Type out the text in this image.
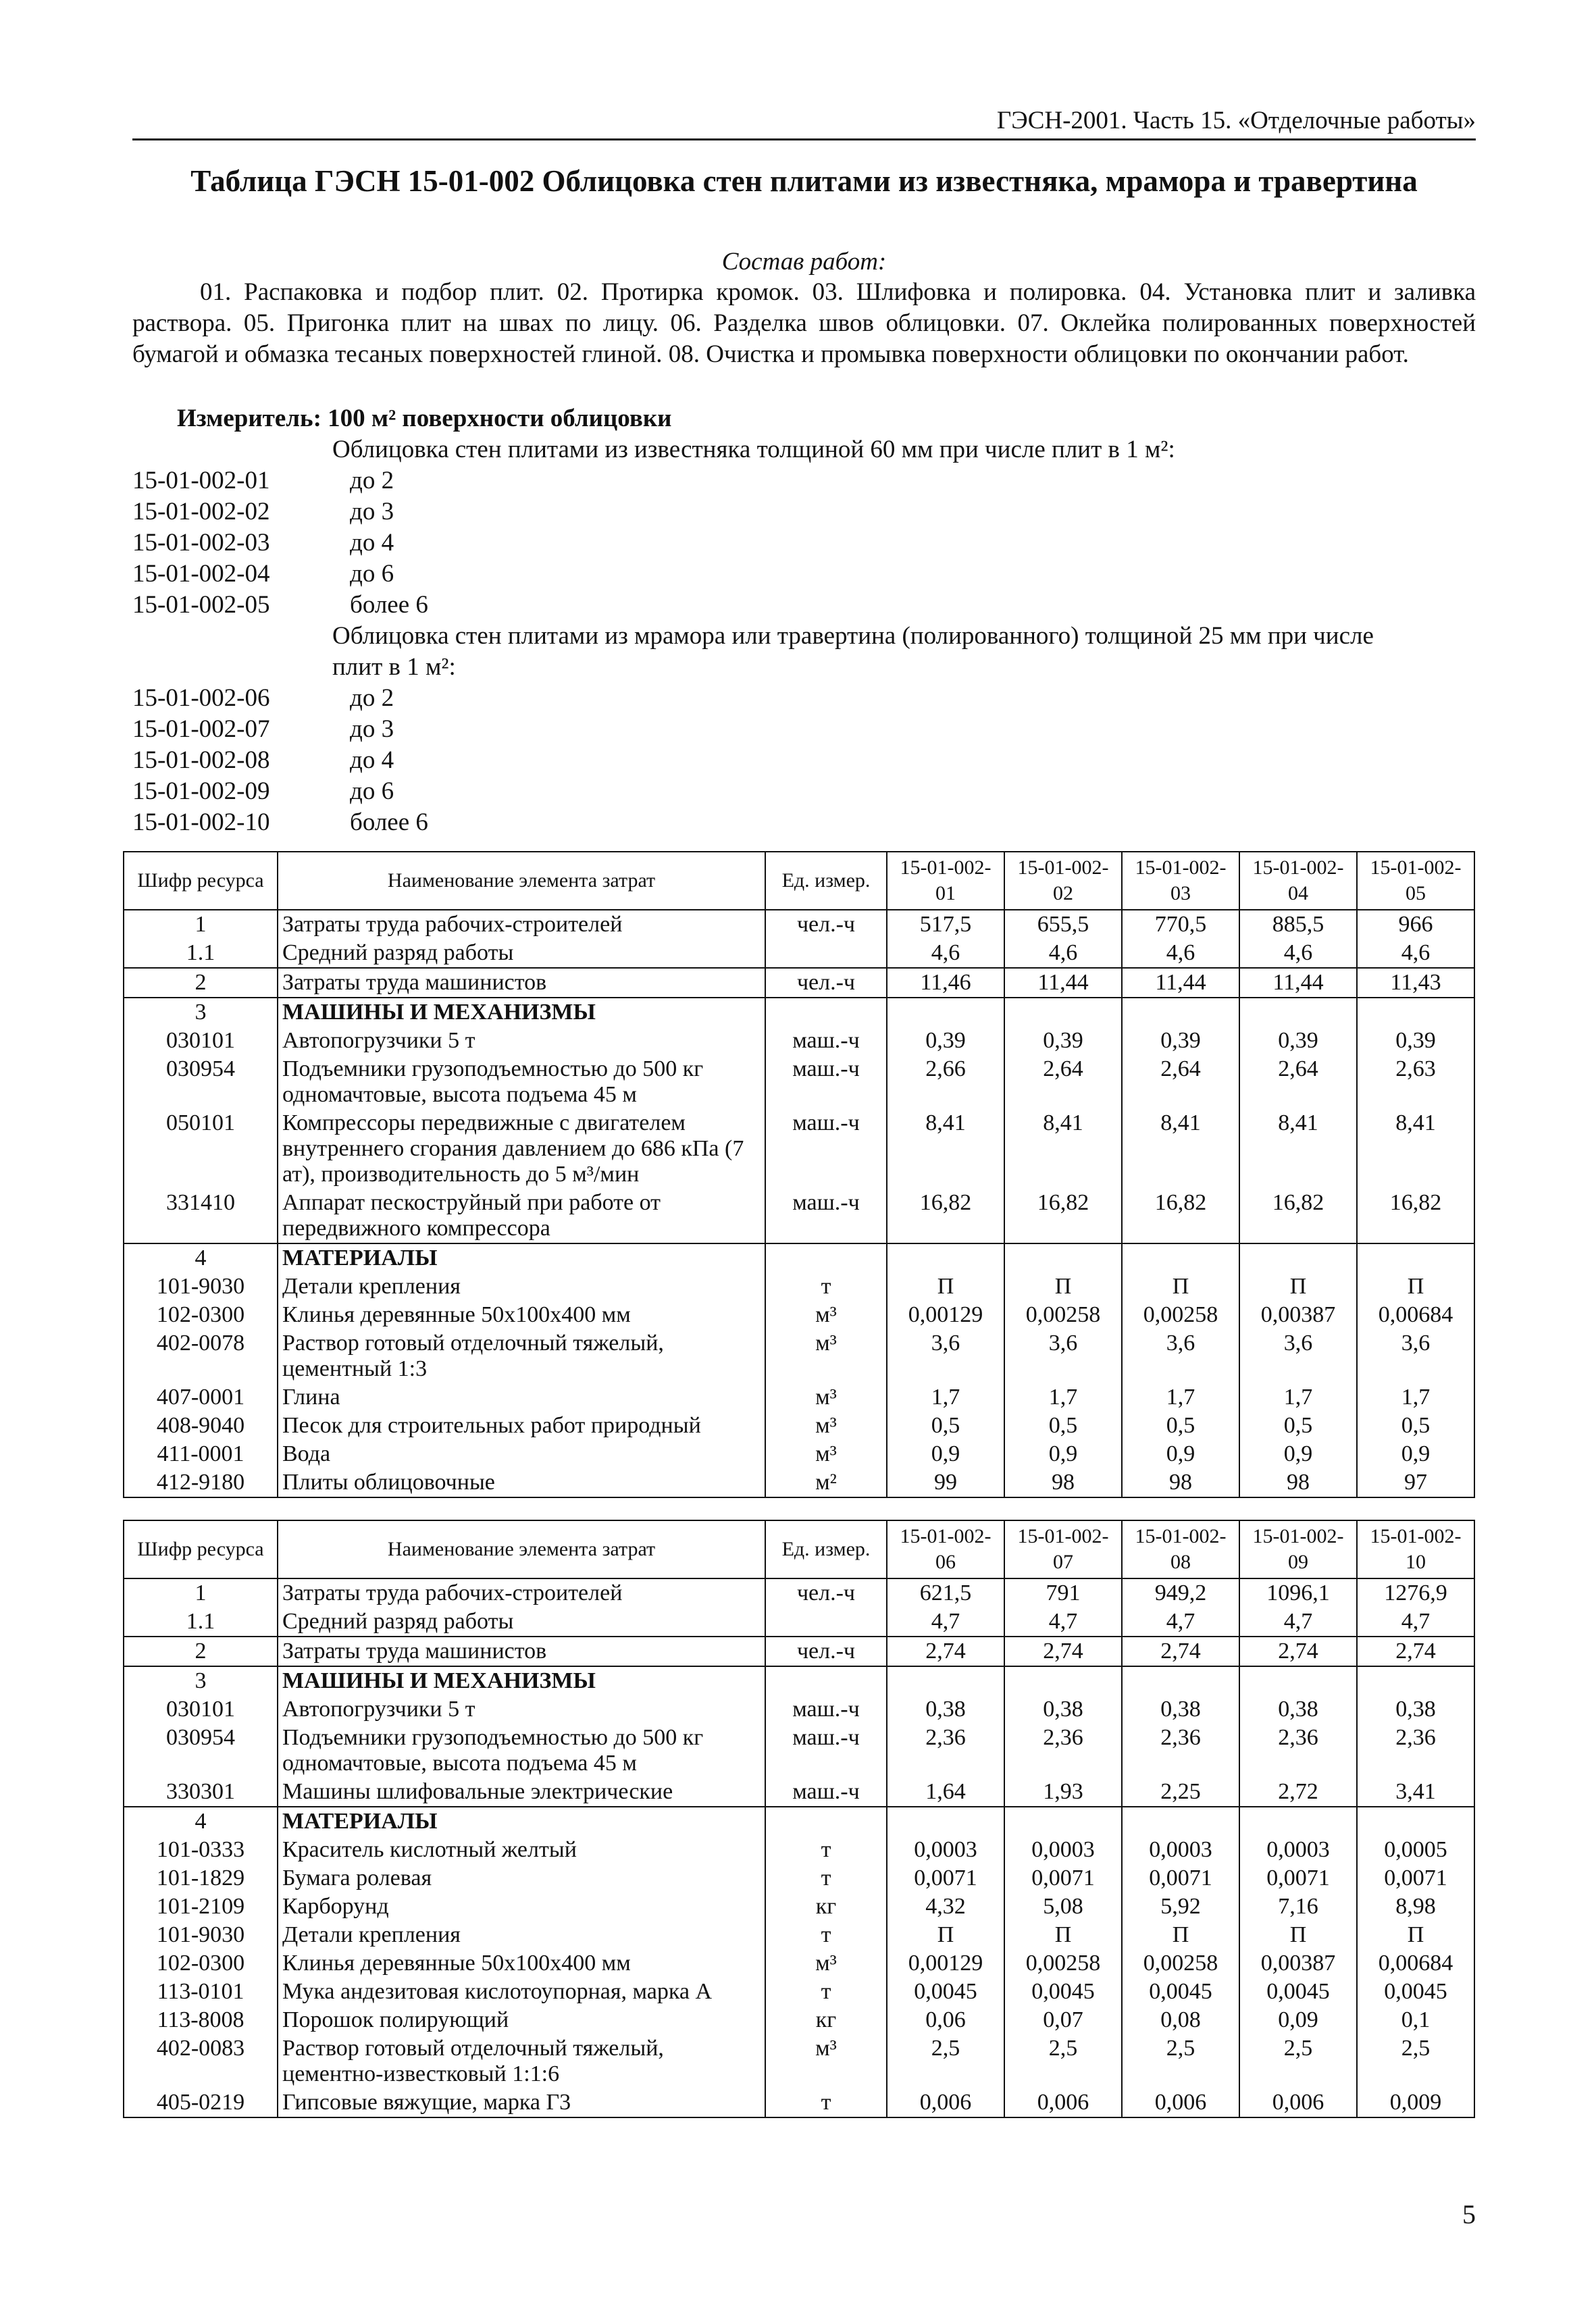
ГЭСН-2001. Часть 15. «Отделочные работы»
Таблица ГЭСН 15-01-002 Облицовка стен плитами из известняка, мрамора и травертина
Состав работ:
01. Распаковка и подбор плит. 02. Протирка кромок. 03. Шлифовка и полировка. 04. Установка плит и заливка раствора. 05. Пригонка плит на швах по лицу. 06. Разделка швов облицовки. 07. Оклейка полированных поверхностей бумагой и обмазка тесаных поверхностей глиной. 08. Очистка и промывка поверхности облицовки по окончании работ.
Измеритель: 100 м² поверхности облицовки
Облицовка стен плитами из известняка толщиной 60 мм при числе плит в 1 м²:
15-01-002-01	до 2
15-01-002-02	до 3
15-01-002-03	до 4
15-01-002-04	до 6
15-01-002-05	более 6
Облицовка стен плитами из мрамора или травертина (полированного) толщиной 25 мм при числе плит в 1 м²:
15-01-002-06	до 2
15-01-002-07	до 3
15-01-002-08	до 4
15-01-002-09	до 6
15-01-002-10	более 6
Шифр ресурса	Наименование элемента затрат	Ед. измер.	15-01-002-01	15-01-002-02	15-01-002-03	15-01-002-04	15-01-002-05
1	Затраты труда рабочих-строителей	чел.-ч	517,5	655,5	770,5	885,5	966
1.1	Средний разряд работы		4,6	4,6	4,6	4,6	4,6
2	Затраты труда машинистов	чел.-ч	11,46	11,44	11,44	11,44	11,43
3	МАШИНЫ И МЕХАНИЗМЫ						
030101	Автопогрузчики 5 т	маш.-ч	0,39	0,39	0,39	0,39	0,39
030954	Подъемники грузоподъемностью до 500 кг одномачтовые, высота подъема 45 м	маш.-ч	2,66	2,64	2,64	2,64	2,63
050101	Компрессоры передвижные с двигателем внутреннего сгорания давлением до 686 кПа (7 ат), производительность до 5 м³/мин	маш.-ч	8,41	8,41	8,41	8,41	8,41
331410	Аппарат пескоструйный при работе от передвижного компрессора	маш.-ч	16,82	16,82	16,82	16,82	16,82
4	МАТЕРИАЛЫ						
101-9030	Детали крепления	т	П	П	П	П	П
102-0300	Клинья деревянные 50х100х400 мм	м³	0,00129	0,00258	0,00258	0,00387	0,00684
402-0078	Раствор готовый отделочный тяжелый, цементный 1:3	м³	3,6	3,6	3,6	3,6	3,6
407-0001	Глина	м³	1,7	1,7	1,7	1,7	1,7
408-9040	Песок для строительных работ природный	м³	0,5	0,5	0,5	0,5	0,5
411-0001	Вода	м³	0,9	0,9	0,9	0,9	0,9
412-9180	Плиты облицовочные	м²	99	98	98	98	97
Шифр ресурса	Наименование элемента затрат	Ед. измер.	15-01-002-06	15-01-002-07	15-01-002-08	15-01-002-09	15-01-002-10
1	Затраты труда рабочих-строителей	чел.-ч	621,5	791	949,2	1096,1	1276,9
1.1	Средний разряд работы		4,7	4,7	4,7	4,7	4,7
2	Затраты труда машинистов	чел.-ч	2,74	2,74	2,74	2,74	2,74
3	МАШИНЫ И МЕХАНИЗМЫ						
030101	Автопогрузчики 5 т	маш.-ч	0,38	0,38	0,38	0,38	0,38
030954	Подъемники грузоподъемностью до 500 кг одномачтовые, высота подъема 45 м	маш.-ч	2,36	2,36	2,36	2,36	2,36
330301	Машины шлифовальные электрические	маш.-ч	1,64	1,93	2,25	2,72	3,41
4	МАТЕРИАЛЫ						
101-0333	Краситель кислотный желтый	т	0,0003	0,0003	0,0003	0,0003	0,0005
101-1829	Бумага ролевая	т	0,0071	0,0071	0,0071	0,0071	0,0071
101-2109	Карборунд	кг	4,32	5,08	5,92	7,16	8,98
101-9030	Детали крепления	т	П	П	П	П	П
102-0300	Клинья деревянные 50х100х400 мм	м³	0,00129	0,00258	0,00258	0,00387	0,00684
113-0101	Мука андезитовая кислотоупорная, марка А	т	0,0045	0,0045	0,0045	0,0045	0,0045
113-8008	Порошок полирующий	кг	0,06	0,07	0,08	0,09	0,1
402-0083	Раствор готовый отделочный тяжелый, цементно-известковый 1:1:6	м³	2,5	2,5	2,5	2,5	2,5
405-0219	Гипсовые вяжущие, марка Г3	т	0,006	0,006	0,006	0,006	0,009
5
